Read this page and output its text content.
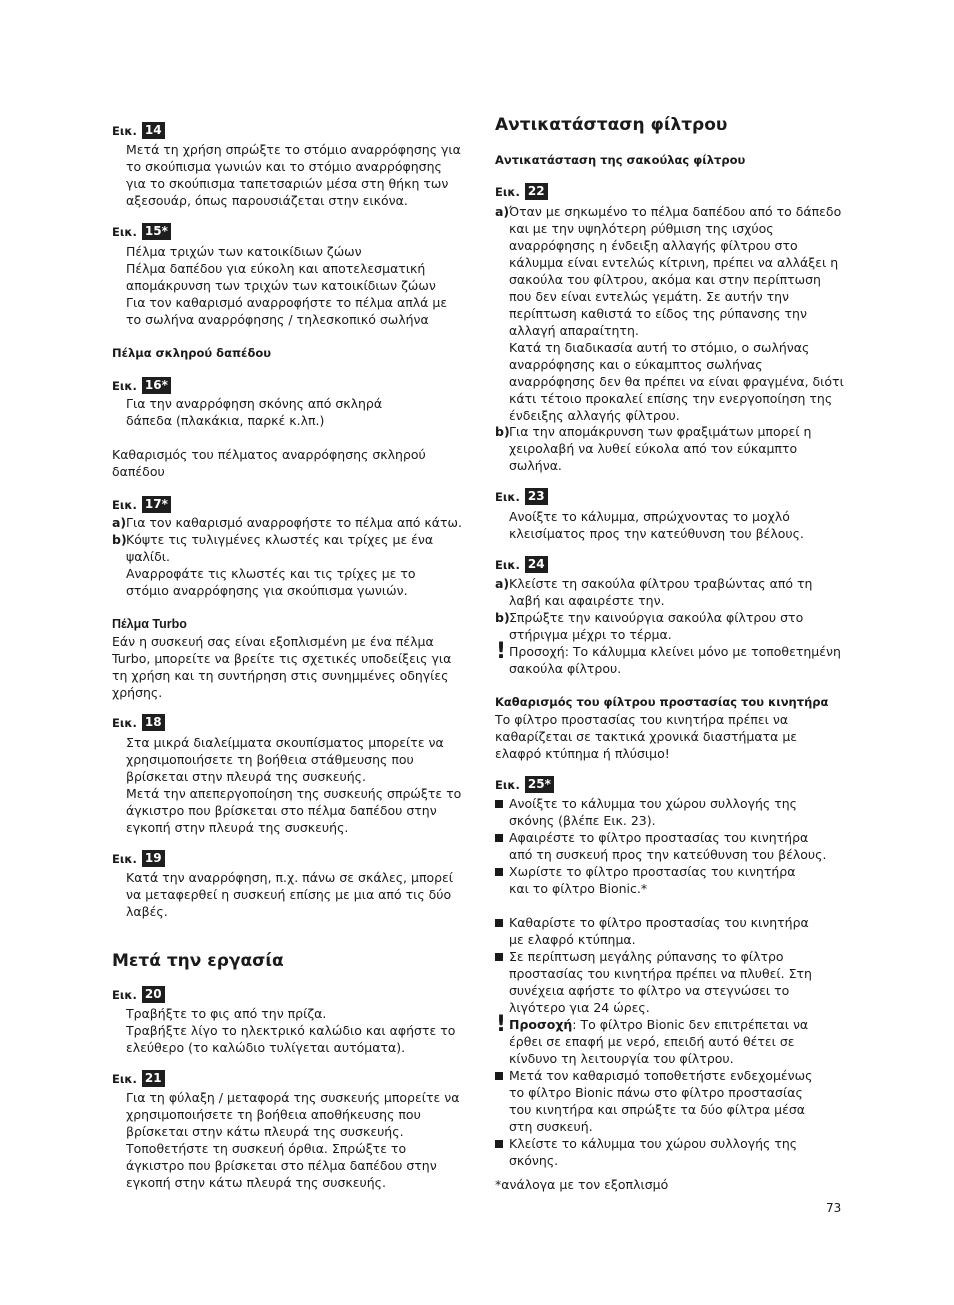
Εικ. 14

Μετά τη χρήση σπρώξτε το στόμιο αναρρόφησης για το σκούπισμα γωνιών και το στόμιο αναρρόφησης για το σκούπισμα ταπετσαριών μέσα στη θήκη των αξεσουάρ, όπως παρουσιάζεται στην εικόνα.

Εικ. 15*

Πέλμα τριχών των κατοικίδιων ζώων
Πέλμα δαπέδου για εύκολη και αποτελεσματική απομάκρυνση των τριχών των κατοικίδιων ζώων
Για τον καθαρισμό αναρροφήστε το πέλμα απλά με το σωλήνα αναρρόφησης / τηλεσκοπικό σωλήνα

Πέλμα σκληρού δαπέδου
Εικ. 16*

Για την αναρρόφηση σκόνης από σκληρά δάπεδα (πλακάκια, παρκέ κ.λπ.)

Καθαρισμός του πέλματος αναρρόφησης σκληρού δαπέδου

Εικ. 17*
a) Για τον καθαρισμό αναρροφήστε το πέλμα από κάτω.
b) Κόψτε τις τυλιγμένες κλωστές και τρίχες με ένα ψαλίδι.
Αναρροφάτε τις κλωστές και τις τρίχες με το στόμιο αναρρόφησης για σκούπισμα γωνιών.
Πέλμα Turbo

Εάν η συσκευή σας είναι εξοπλισμένη με ένα πέλμα Turbo, μπορείτε να βρείτε τις σχετικές υποδείξεις για τη χρήση και τη συντήρηση στις συνημμένες οδηγίες χρήσης.

Εικ. 18

Στα μικρά διαλείμματα σκουπίσματος μπορείτε να χρησιμοποιήσετε τη βοήθεια στάθμευσης που βρίσκεται στην πλευρά της συσκευής.
Μετά την απεπεργοποίηση της συσκευής σπρώξτε το άγκιστρο που βρίσκεται στο πέλμα δαπέδου στην εγκοπή στην πλευρά της συσκευής.

Εικ. 19

Κατά την αναρρόφηση, π.χ. πάνω σε σκάλες, μπορεί να μεταφερθεί η συσκευή επίσης με μια από τις δύο λαβές.

Μετά την εργασία
Εικ. 20

Τραβήξτε το φις από την πρίζα.
Τραβήξτε λίγο το ηλεκτρικό καλώδιο και αφήστε το ελεύθερο (το καλώδιο τυλίγεται αυτόματα).

Εικ. 21

Για τη φύλαξη / μεταφορά της συσκευής μπορείτε να χρησιμοποιήσετε τη βοήθεια αποθήκευσης που βρίσκεται στην κάτω πλευρά της συσκευής.
Τοποθετήστε τη συσκευή όρθια. Σπρώξτε το άγκιστρο που βρίσκεται στο πέλμα δαπέδου στην εγκοπή στην κάτω πλευρά της συσκευής.

Αντικατάσταση φίλτρου
Αντικατάσταση της σακούλας φίλτρου
Εικ. 22
a) Όταν με σηκωμένο το πέλμα δαπέδου από το δάπεδο και με την υψηλότερη ρύθμιση της ισχύος αναρρόφησης η ένδειξη αλλαγής φίλτρου στο κάλυμμα είναι εντελώς κίτρινη, πρέπει να αλλάξει η σακούλα του φίλτρου, ακόμα και στην περίπτωση που δεν είναι εντελώς γεμάτη. Σε αυτήν την περίπτωση καθιστά το είδος της ρύπανσης την αλλαγή απαραίτητη.
Κατά τη διαδικασία αυτή το στόμιο, ο σωλήνας αναρρόφησης και ο εύκαμπτος σωλήνας αναρρόφησης δεν θα πρέπει να είναι φραγμένα, διότι κάτι τέτοιο προκαλεί επίσης την ενεργοποίηση της ένδειξης αλλαγής φίλτρου.
b) Για την απομάκρυνση των φραξιμάτων μπορεί η χειρολαβή να λυθεί εύκολα από τον εύκαμπτο σωλήνα.
Εικ. 23

Ανοίξτε το κάλυμμα, σπρώχνοντας το μοχλό κλεισίματος προς την κατεύθυνση του βέλους.

Εικ. 24
a) Κλείστε τη σακούλα φίλτρου τραβώντας από τη λαβή και αφαιρέστε την.
b) Σπρώξτε την καινούργια σακούλα φίλτρου στο στήριγμα μέχρι το τέρμα.
! Προσοχή: Το κάλυμμα κλείνει μόνο με τοποθετημένη σακούλα φίλτρου.
Καθαρισμός του φίλτρου προστασίας του κινητήρα

Το φίλτρο προστασίας του κινητήρα πρέπει να καθαρίζεται σε τακτικά χρονικά διαστήματα με ελαφρό κτύπημα ή πλύσιμο!

Εικ. 25*
Ανοίξτε το κάλυμμα του χώρου συλλογής της σκόνης (βλέπε Εικ. 23).
Αφαιρέστε το φίλτρο προστασίας του κινητήρα από τη συσκευή προς την κατεύθυνση του βέλους.
Χωρίστε το φίλτρο προστασίας του κινητήρα και το φίλτρο Bionic.*
Καθαρίστε το φίλτρο προστασίας του κινητήρα με ελαφρό κτύπημα.
Σε περίπτωση μεγάλης ρύπανσης το φίλτρο προστασίας του κινητήρα πρέπει να πλυθεί. Στη συνέχεια αφήστε το φίλτρο να στεγνώσει το λιγότερο για 24 ώρες.
! Προσοχή: Το φίλτρο Bionic δεν επιτρέπεται να έρθει σε επαφή με νερό, επειδή αυτό θέτει σε κίνδυνο τη λειτουργία του φίλτρου.
Μετά τον καθαρισμό τοποθετήστε ενδεχομένως το φίλτρο Bionic πάνω στο φίλτρο προστασίας του κινητήρα και σπρώξτε τα δύο φίλτρα μέσα στη συσκευή.
Κλείστε το κάλυμμα του χώρου συλλογής της σκόνης.

*ανάλογα με τον εξοπλισμό

73
